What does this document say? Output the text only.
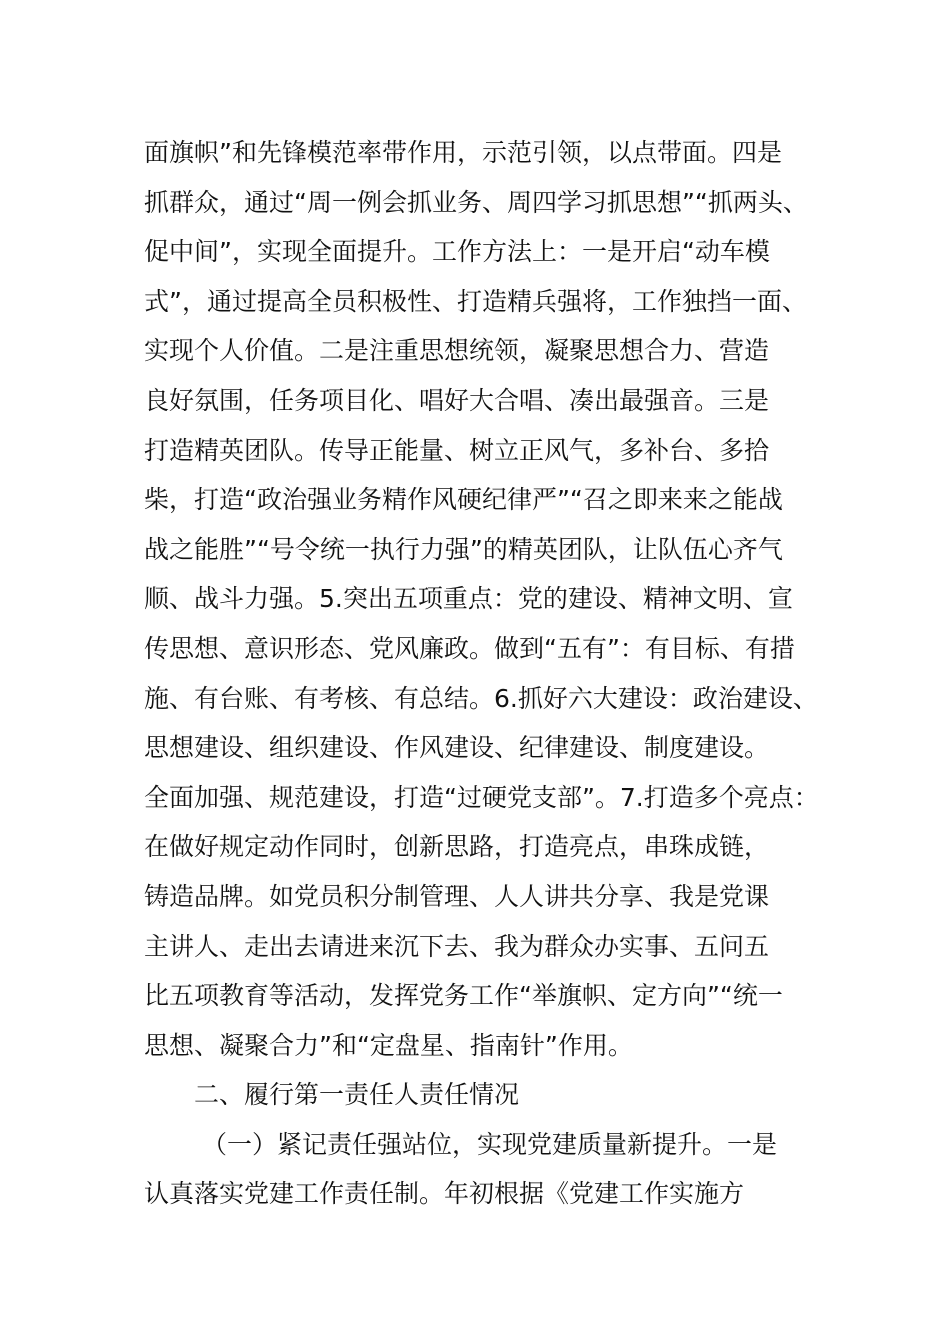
面旗帜”和先锋模范率带作用，示范引领，以点带面。四是
抓群众，通过“周一例会抓业务、周四学习抓思想”“抓两头、
促中间”，实现全面提升。工作方法上：一是开启“动车模
式”，通过提高全员积极性、打造精兵强将，工作独挡一面、
实现个人价值。二是注重思想统领，凝聚思想合力、营造
良好氛围，任务项目化、唱好大合唱、凑出最强音。三是
打造精英团队。传导正能量、树立正风气，多补台、多拾
柴，打造“政治强业务精作风硬纪律严”“召之即来来之能战
战之能胜”“号令统一执行力强”的精英团队，让队伍心齐气
顺、战斗力强。5.突出五项重点：党的建设、精神文明、宣
传思想、意识形态、党风廉政。做到“五有”：有目标、有措
施、有台账、有考核、有总结。6.抓好六大建设：政治建设、
思想建设、组织建设、作风建设、纪律建设、制度建设。
全面加强、规范建设，打造“过硬党支部”。7.打造多个亮点：
在做好规定动作同时，创新思路，打造亮点，串珠成链，
铸造品牌。如党员积分制管理、人人讲共分享、我是党课
主讲人、走出去请进来沉下去、我为群众办实事、五问五
比五项教育等活动，发挥党务工作“举旗帜、定方向”“统一
思想、凝聚合力”和“定盘星、指南针”作用。
二、履行第一责任人责任情况
（一）紧记责任强站位，实现党建质量新提升。一是
认真落实党建工作责任制。年初根据《党建工作实施方
